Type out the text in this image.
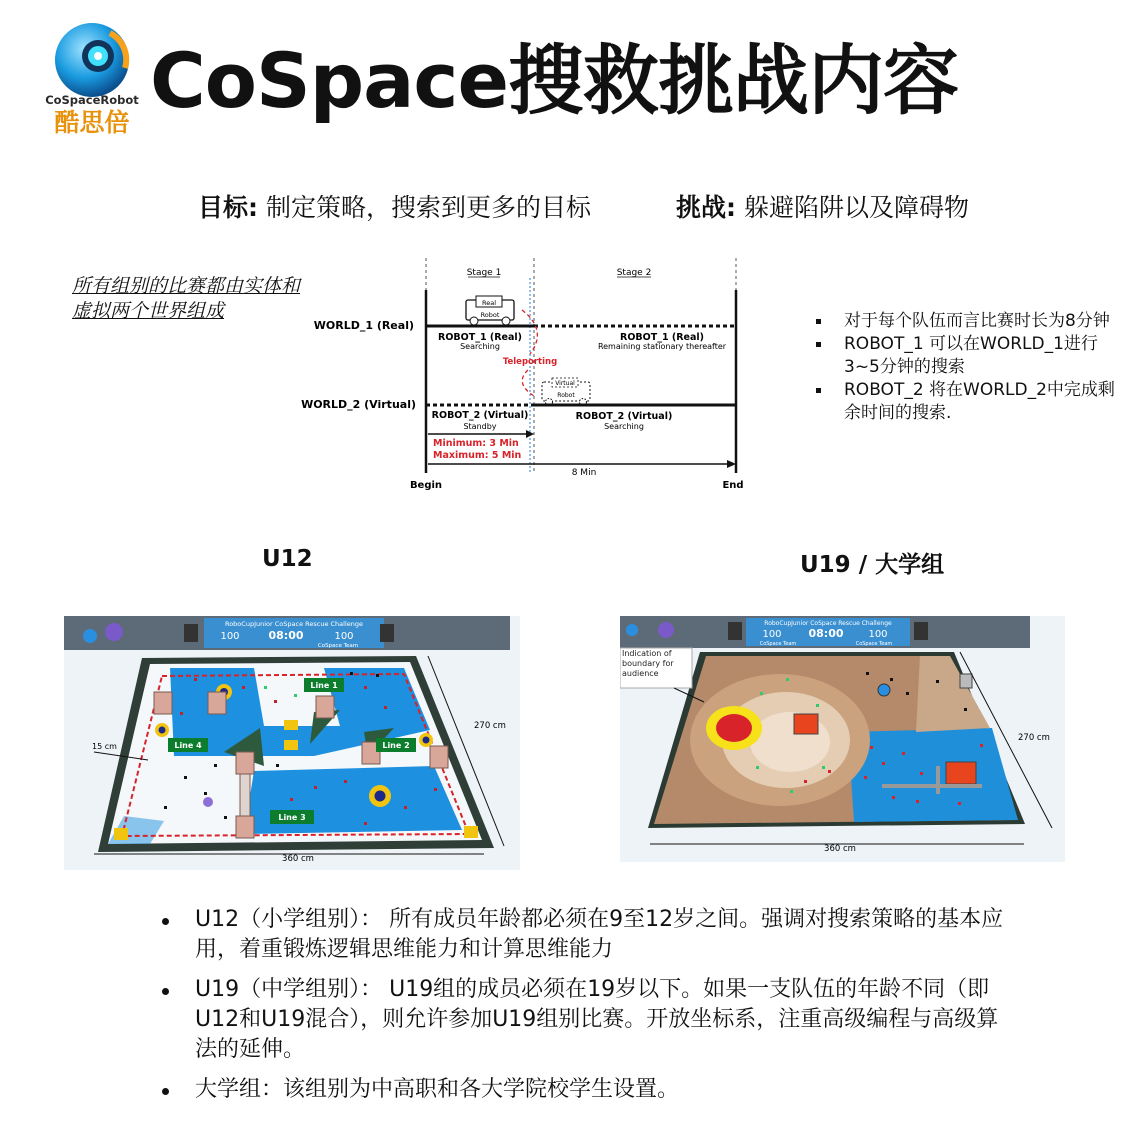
CoSpaceRobot
酷思倍 CoSpace搜救挑战内容
目标: 制定策略，搜索到更多的目标	挑战: 躲避陷阱以及障碍物
所有组别的比赛都由实体和虚拟两个世界组成
Stage 1	Stage 2
WORLD_1 (Real)
Real
Robot
ROBOT_1 (Real)
Searching
ROBOT_1 (Real)
Remaining stationary thereafter
Teleporting
Virtual
Robot
WORLD_2 (Virtual)
ROBOT_2 (Virtual)
Standby
ROBOT_2 (Virtual)
Searching
Minimum: 3 Min
Maximum: 5 Min
8 Min
Begin	End
对于每个队伍而言比赛时长为8分钟
ROBOT_1 可以在WORLD_1进行3~5分钟的搜索
ROBOT_2 将在WORLD_2中完成剩余时间的搜索.
U12	U19 / 大学组
RoboCupJunior CoSpace Rescue Challenge
100	08:00	100
CoSpace Team
Line 1
Line 2
Line 3
Line 4
360 cm
270 cm
15 cm
RoboCupJunior CoSpace Rescue Challenge
100 08:00 100
CoSpace Team	CoSpace Team
Indication of boundary for audience
360 cm
270 cm
U12（小学组别）： 所有成员年龄都必须在9至12岁之间。强调对搜索策略的基本应用，着重锻炼逻辑思维能力和计算思维能力
U19（中学组别）： U19组的成员必须在19岁以下。如果一支队伍的年龄不同（即U12和U19混合），则允许参加U19组别比赛。开放坐标系，注重高级编程与高级算法的延伸。
大学组：该组别为中高职和各大学院校学生设置。
